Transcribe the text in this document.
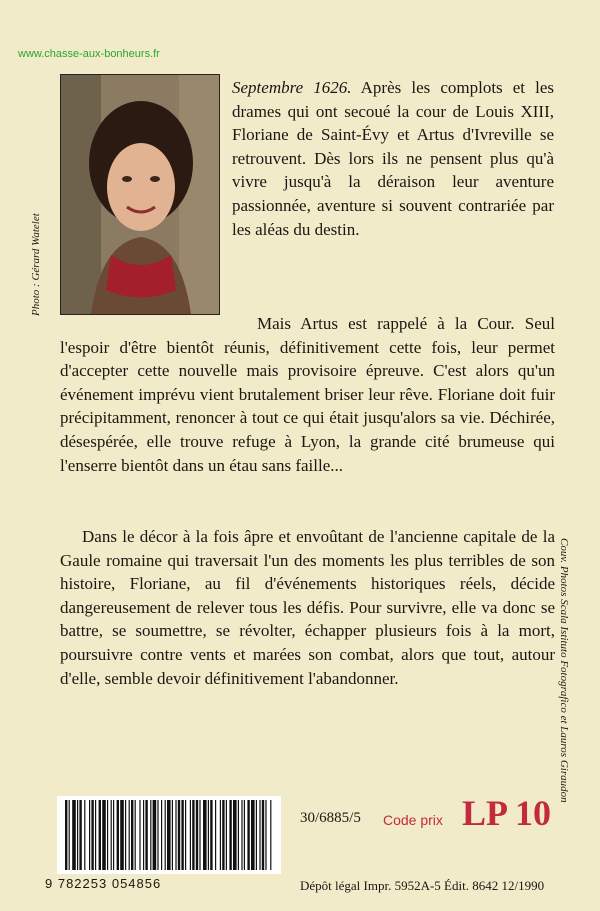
www.chasse-aux-bonheurs.fr
Photo : Gérard Watelet
Couv. Photos Scala Istituto Fotografico et Lauros Giraudon
Septembre 1626. Après les complots et les drames qui ont secoué la cour de Louis XIII, Floriane de Saint-Évy et Artus d'Ivreville se retrouvent. Dès lors ils ne pensent plus qu'à vivre jusqu'à la déraison leur aventure passionnée, aventure si souvent contrariée par les aléas du destin.
Mais Artus est rappelé à la Cour. Seul l'espoir d'être bientôt réunis, définitivement cette fois, leur permet d'accepter cette nouvelle mais provisoire épreuve. C'est alors qu'un événement imprévu vient brutalement briser leur rêve. Floriane doit fuir précipitamment, renoncer à tout ce qui était jusqu'alors sa vie. Déchirée, désespérée, elle trouve refuge à Lyon, la grande cité brumeuse qui l'enserre bientôt dans un étau sans faille...
Dans le décor à la fois âpre et envoûtant de l'ancienne capitale de la Gaule romaine qui traversait l'un des moments les plus terribles de son histoire, Floriane, au fil d'événements historiques réels, décide dangereusement de relever tous les défis. Pour survivre, elle va donc se battre, se soumettre, se révolter, échapper plusieurs fois à la mort, poursuivre contre vents et marées son combat, alors que tout, autour d'elle, semble devoir définitivement l'abandonner.
9 782253 054856
30/6885/5 Code prix LP 10
Dépôt légal Impr. 5952A-5 Édit. 8642 12/1990
